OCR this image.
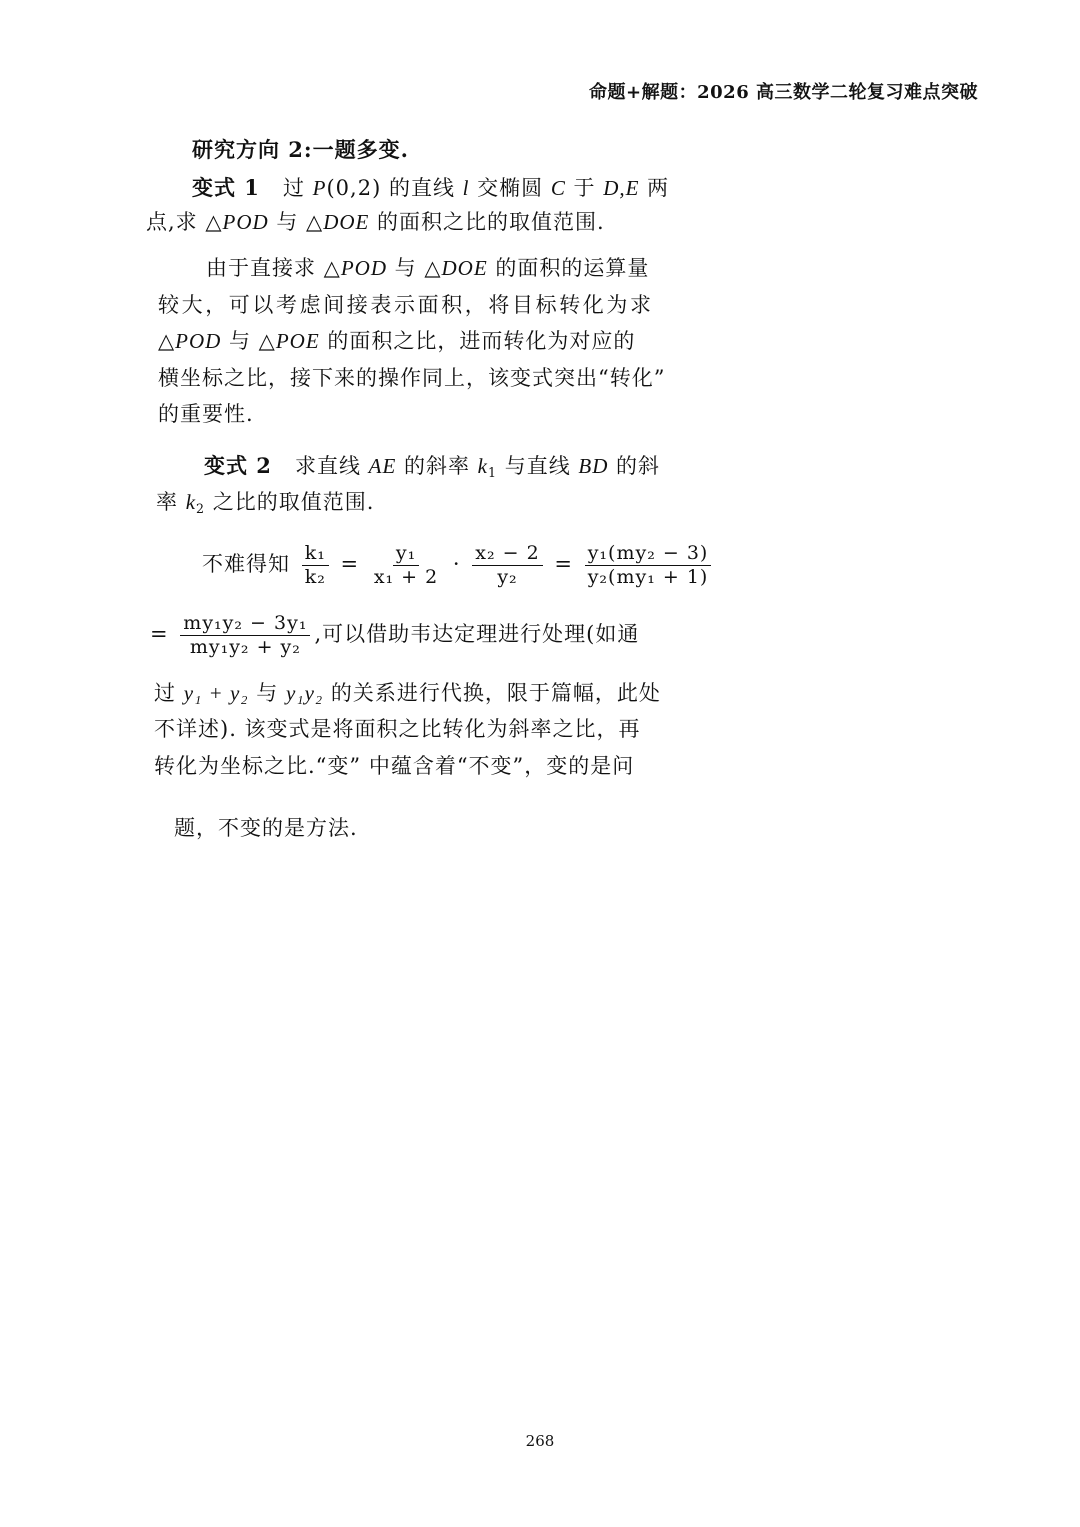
命题+解题：2026 高三数学二轮复习难点突破
研究方向 2:一题多变.
变式 1 过 P(0,2) 的直线 l 交椭圆 C 于 D,E 两
点,求 △POD 与 △DOE 的面积之比的取值范围.
由于直接求 △POD 与 △DOE 的面积的运算量
较大，可以考虑间接表示面积，将目标转化为求
△POD 与 △POE 的面积之比，进而转化为对应的
横坐标之比，接下来的操作同上，该变式突出“转化”
的重要性.
变式 2 求直线 AE 的斜率 $k_1$ 与直线 BD 的斜
率 $k_2$ 之比的取值范围.
不难得知 $\frac{\text{k₁}}{\text{k₂}} = \frac{\text{y₁}}{\text{x₁ + 2}} \cdot \frac{\text{x₂ − 2}}{\text{y₂}} = \frac{\text{y₁(my₂ − 3)}}{\text{y₂(my₁ + 1)}}$
= $\frac{\text{my₁y₂ − 3y₁}}{\text{my₁y₂ + y₂}}$ ,可以借助韦达定理进行处理(如通
过 y₁ + y₂ 与 y₁y₂ 的关系进行代换，限于篇幅，此处
不详述). 该变式是将面积之比转化为斜率之比，再
转化为坐标之比.“变” 中蕴含着“不变”，变的是问
题，不变的是方法.
268
